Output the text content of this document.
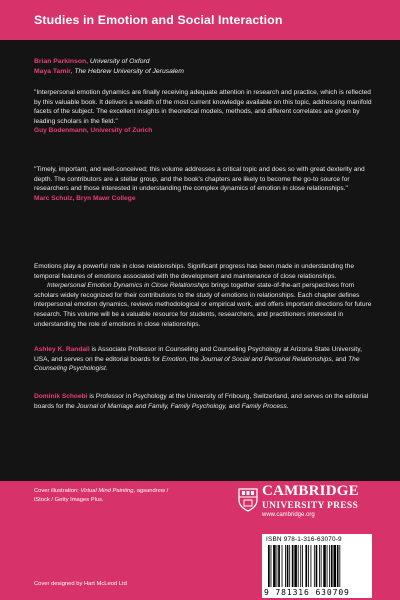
Studies in Emotion and Social Interaction
Brian Parkinson, University of Oxford
Maya Tamir, The Hebrew University of Jerusalem
"Interpersonal emotion dynamics are finally receiving adequate attention in research and practice, which is reflected by this valuable book. It delivers a wealth of the most current knowledge available on this topic, addressing manifold facets of the subject. The excellent insights in theoretical models, methods, and different correlates are given by leading scholars in the field."
Guy Bodenmann, University of Zurich
"Timely, important, and well-conceived; this volume addresses a critical topic and does so with great dexterity and depth. The contributors are a stellar group, and the book's chapters are likely to become the go-to source for researchers and those interested in understanding the complex dynamics of emotion in close relationships."
Marc Schulz, Bryn Mawr College
Emotions play a powerful role in close relationships. Significant progress has been made in understanding the temporal features of emotions associated with the development and maintenance of close relationships.
Interpersonal Emotion Dynamics in Close Relationships brings together state-of-the-art perspectives from scholars widely recognized for their contributions to the study of emotions in relationships. Each chapter defines interpersonal emotion dynamics, reviews methodological or empirical work, and offers important directions for future research. This volume will be a valuable resource for students, researchers, and practitioners interested in understanding the role of emotions in close relationships.
Ashley K. Randall is Associate Professor in Counseling and Counseling Psychology at Arizona State University, USA, and serves on the editorial boards for Emotion, the Journal of Social and Personal Relationships, and The Counseling Psychologist.
Dominik Schoebi is Professor in Psychology at the University of Fribourg, Switzerland, and serves on the editorial boards for the Journal of Marriage and Family, Family Psychology, and Family Process.
Cover illustration: Virtual Mind Painting, agsandrew / iStock / Getty Images Plus.
Cover designed by Hart McLeod Ltd
CAMBRIDGE
UNIVERSITY PRESS
www.cambridge.org
ISBN 978-1-316-63070-9
9 781316 630709
